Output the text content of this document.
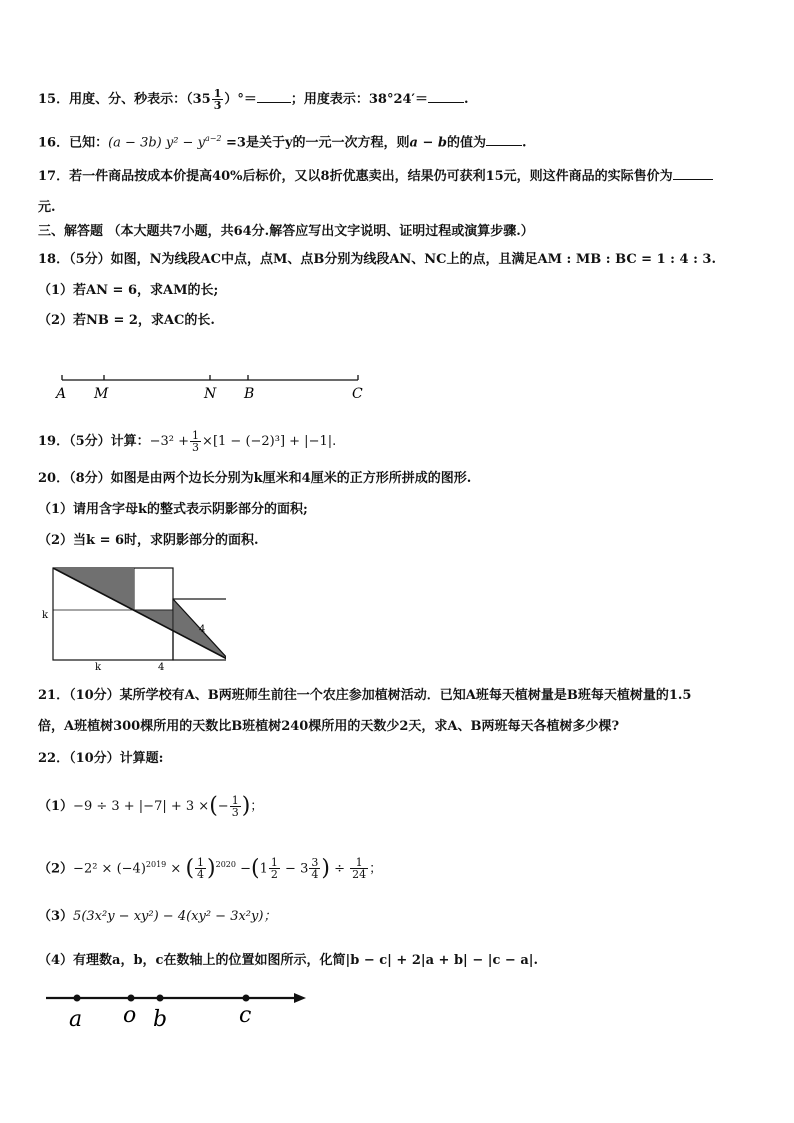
15．用度、分、秒表示：（$35 \frac{1}{3}$ ）°＝	；用度表示：38°24′＝	.
16．已知：(a − 3b) $y^2 - y^{a-2} =3$是关于y的一元一次方程，则a − b的值为	.
17．若一件商品按成本价提高40%后标价，又以8折优惠卖出，结果仍可获利15元，则这件商品的实际售价为
元.
三、解答题 （本大题共7小题，共64分.解答应写出文字说明、证明过程或演算步骤.）
18．（5分）如图，N为线段AC中点，点M、点B分别为线段AN、NC上的点，且满足AM : MB : BC = 1 : 4 : 3.
（1）若AN = 6，求AM的长;
（2）若NB = 2，求AC的长.
A M	N B	C
19．（5分）计算：$-3^2 + \frac{1}{3} \times[1 - (-2)^3] + |-1|$.
20．（8分）如图是由两个边长分别为k厘米和4厘米的正方形所拼成的图形.
（1）请用含字母k的整式表示阴影部分的面积;
（2）当k = 6时，求阴影部分的面积.
k
k
4
4
21．（10分）某所学校有A、B两班师生前往一个农庄参加植树活动．已知A班每天植树量是B班每天植树量的1.5
倍，A班植树300棵所用的天数比B班植树240棵所用的天数少2天，求A、B两班每天各植树多少棵?
22．（10分）计算题:
（1）−9 ÷ 3 + |−7| + 3 ×(− $\frac{1}{3}$ )；
$(2)-2^2 \times (-4)^{2019}$ × ( $\frac{1}{4} )^{2020} -(1 \frac{1}{2} - 3 \frac{3}{4}$ ) ÷ $\frac{1}{24}$ ；
（3）5(3x²y − xy²) − 4(xy² − 3x²y)；
（4）有理数a，b，c在数轴上的位置如图所示，化简|b − c| + 2|a + b| − |c − a|.
a o b	c
